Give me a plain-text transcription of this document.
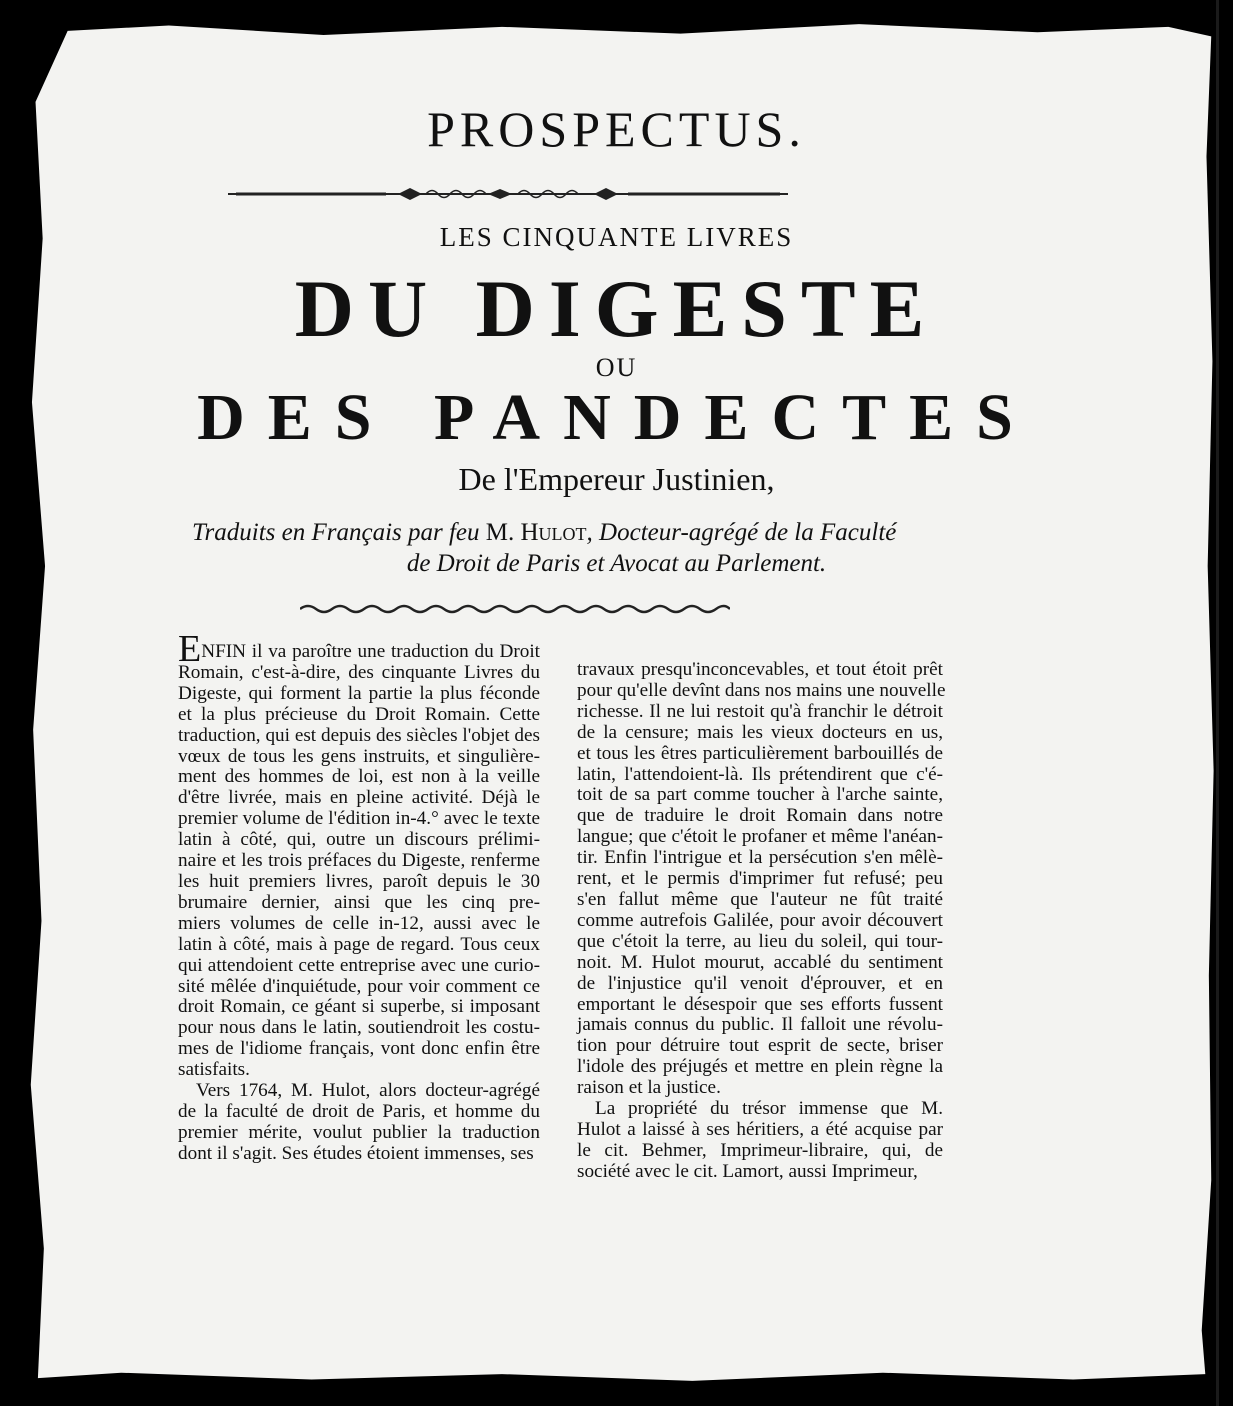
PROSPECTUS.
LES CINQUANTE LIVRES
DU DIGESTE
OU
DES PANDECTES
De l'Empereur Justinien,
Traduits en Français par feu M. Hulot, Docteur-agrégé de la Faculté
de Droit de Paris et Avocat au Parlement.
ENFIN il va paroître une traduction du Droit
Romain, c'est-à-dire, des cinquante Livres du
Digeste, qui forment la partie la plus féconde
et la plus précieuse du Droit Romain. Cette
traduction, qui est depuis des siècles l'objet des
vœux de tous les gens instruits, et singulière-
ment des hommes de loi, est non à la veille
d'être livrée, mais en pleine activité. Déjà le
premier volume de l'édition in-4.° avec le texte
latin à côté, qui, outre un discours prélimi-
naire et les trois préfaces du Digeste, renferme
les huit premiers livres, paroît depuis le 30
brumaire dernier, ainsi que les cinq pre-
miers volumes de celle in-12, aussi avec le
latin à côté, mais à page de regard. Tous ceux
qui attendoient cette entreprise avec une curio-
sité mêlée d'inquiétude, pour voir comment ce
droit Romain, ce géant si superbe, si imposant
pour nous dans le latin, soutiendroit les costu-
mes de l'idiome français, vont donc enfin être
satisfaits.
Vers 1764, M. Hulot, alors docteur-agrégé
de la faculté de droit de Paris, et homme du
premier mérite, voulut publier la traduction
dont il s'agit. Ses études étoient immenses, ses
travaux presqu'inconcevables, et tout étoit prêt
pour qu'elle devînt dans nos mains une nouvelle
richesse. Il ne lui restoit qu'à franchir le détroit
de la censure; mais les vieux docteurs en us,
et tous les êtres particulièrement barbouillés de
latin, l'attendoient-là. Ils prétendirent que c'é-
toit de sa part comme toucher à l'arche sainte,
que de traduire le droit Romain dans notre
langue; que c'étoit le profaner et même l'anéan-
tir. Enfin l'intrigue et la persécution s'en mêlè-
rent, et le permis d'imprimer fut refusé; peu
s'en fallut même que l'auteur ne fût traité
comme autrefois Galilée, pour avoir découvert
que c'étoit la terre, au lieu du soleil, qui tour-
noit. M. Hulot mourut, accablé du sentiment
de l'injustice qu'il venoit d'éprouver, et en
emportant le désespoir que ses efforts fussent
jamais connus du public. Il falloit une révolu-
tion pour détruire tout esprit de secte, briser
l'idole des préjugés et mettre en plein règne la
raison et la justice.
La propriété du trésor immense que M.
Hulot a laissé à ses héritiers, a été acquise par
le cit. Behmer, Imprimeur-libraire, qui, de
société avec le cit. Lamort, aussi Imprimeur,
